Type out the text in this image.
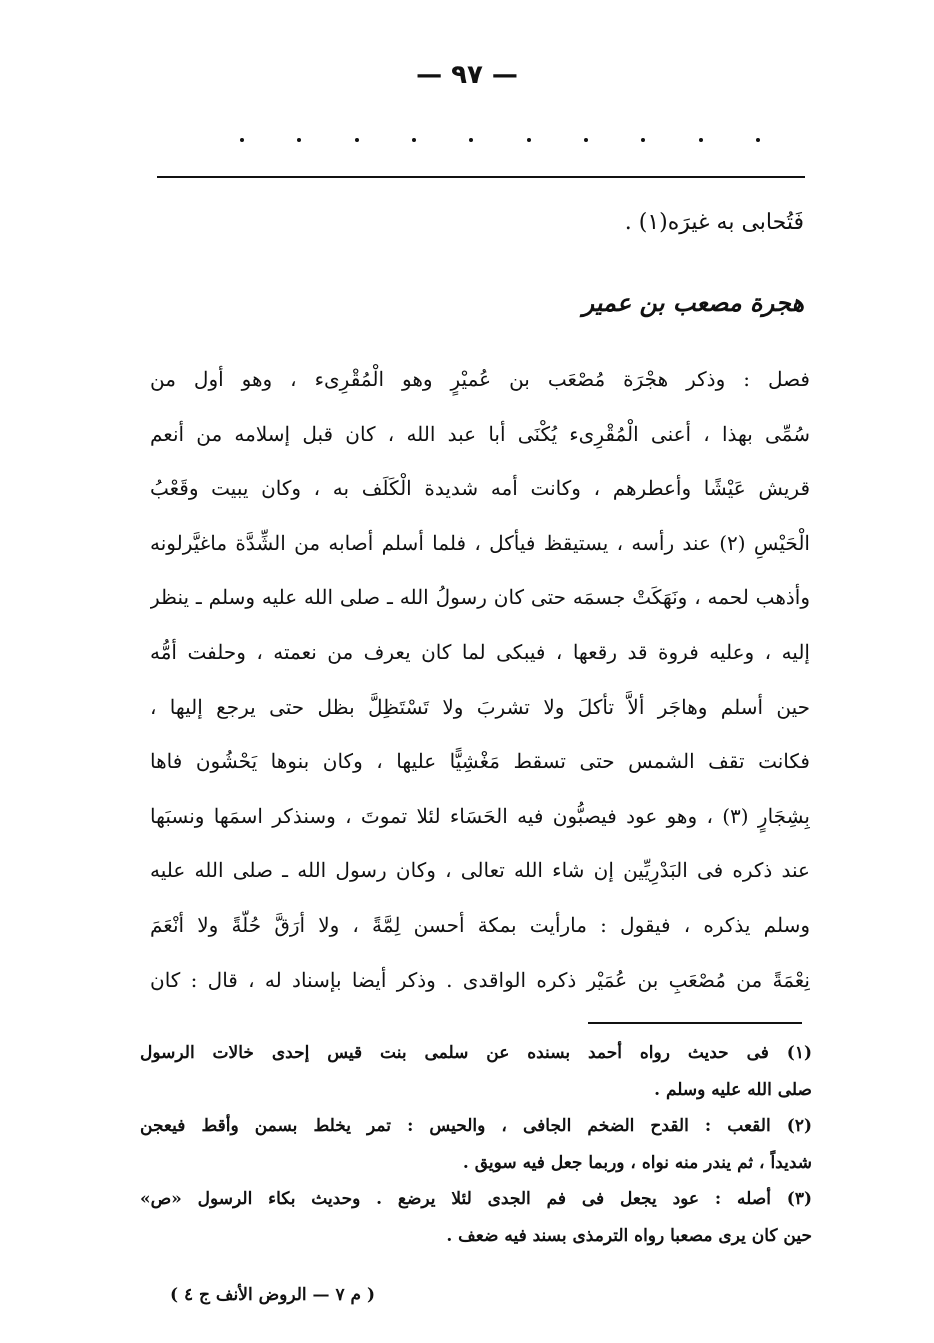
— ٩٧ —
فَتُحابى به غيرَه(١) .
هجرة مصعب بن عمير
فصل : وذكر هجْرَة مُصْعَب بن عُميْرٍ وهو الْمُقْرِىء ، وهو أول من
سُمِّى بهذا ، أعنى الْمُقْرِىء يُكْنَى أبا عبد الله ، كان قبل إسلامه من أنعم
قريش عَيْشًا وأعطرهم ، وكانت أمه شديدة الْكَلَف به ، وكان يبيت وقَعْبُ
الْحَيْسِ (٢) عند رأسه ، يستيقظ فيأكل ، فلما أسلم أصابه من الشِّدَّة ماغيَّرلونه
وأذهب لحمه ، ونَهَكَتْ جسمَه حتى كان رسولُ الله ـ صلى الله عليه وسلم ـ ينظر
إليه ، وعليه فروة قد رقعها ، فيبكى لما كان يعرف من نعمته ، وحلفت أمُّه
حين أسلم وهاجَر ألاَّ تأكلَ ولا تشربَ ولا تَسْتَظِلَّ بظل حتى يرجع إليها ،
فكانت تقف الشمس حتى تسقط مَغْشِيًّا عليها ، وكان بنوها يَحْشُون فاها
بِشِجَارٍ (٣) ، وهو عود فيصبُّون فيه الحَسَاء لئلا تموتَ ، وسنذكر اسمَها ونسبَها
عند ذكره فى البَدْرِيِّين إن شاء الله تعالى ، وكان رسول الله ـ صلى الله عليه
وسلم يذكره ، فيقول : مارأيت بمكة أحسن لِمَّةً ، ولا أرَقَّ حُلّةً ولا أنْعَمَ
نِعْمَةً من مُصْعَبِ بن عُمَيْر ذكره الواقدى . وذكر أيضا بإسناد له ، قال : كان
(١) فى حديث رواه أحمد بسنده عن سلمى بنت قيس إحدى خالات الرسول
صلى الله عليه وسلم .
(٢) القعب : القدح الضخم الجافى ، والحيس : تمر يخلط بسمن وأقط فيعجن
شديداً ، ثم يندر منه نواه ، وربما جعل فيه سويق .
(٣) أصله : عود يجعل فى فم الجدى لئلا يرضع . وحديث بكاء الرسول «ص»
حين كان يرى مصعبا رواه الترمذى بسند فيه ضعف .
( م ٧ — الروض الأنف ج ٤ )
